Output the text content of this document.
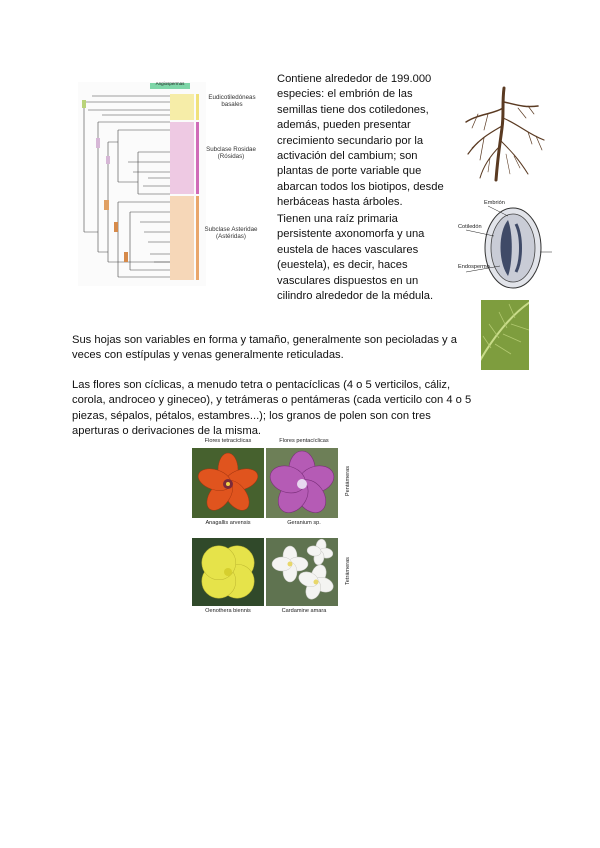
Eudicotiledóneas basales
Subclase Rosidae (Rósidas)
Subclase Asteridae (Astéridas)

Contiene alrededor de 199.000 especies: el embrión de las semillas tiene dos cotiledones, además, pueden presentar crecimiento secundario por la activación del cambium; son plantas de porte variable que abarcan todos los biotipos, desde herbáceas hasta árboles.

Tienen una raíz primaria persistente axonomorfa y una eustela de haces vasculares (euestela), es decir, haces vasculares dispuestos en un cilindro alrededor de la médula.

Embrión
Cotiledón
Endospermo

Sus hojas son variables en forma y tamaño, generalmente son pecioladas y a veces con estípulas y venas generalmente reticuladas.

Las flores son cíclicas, a menudo tetra o pentacíclicas (4 o 5 verticilos, cáliz, corola, androceo y gineceo), y tetrámeras o pentámeras (cada verticilo con 4 o 5 piezas, sépalos, pétalos, estambres...); los granos de polen son con tres aperturas o derivaciones de la misma.

Flores tetracíclicas	Flores pentacíclicas
Anagallis arvensis	Geranium sp.
Oenothera biennis	Cardamine amara
Pentámeras
Tetrámeras
Angiospermas
